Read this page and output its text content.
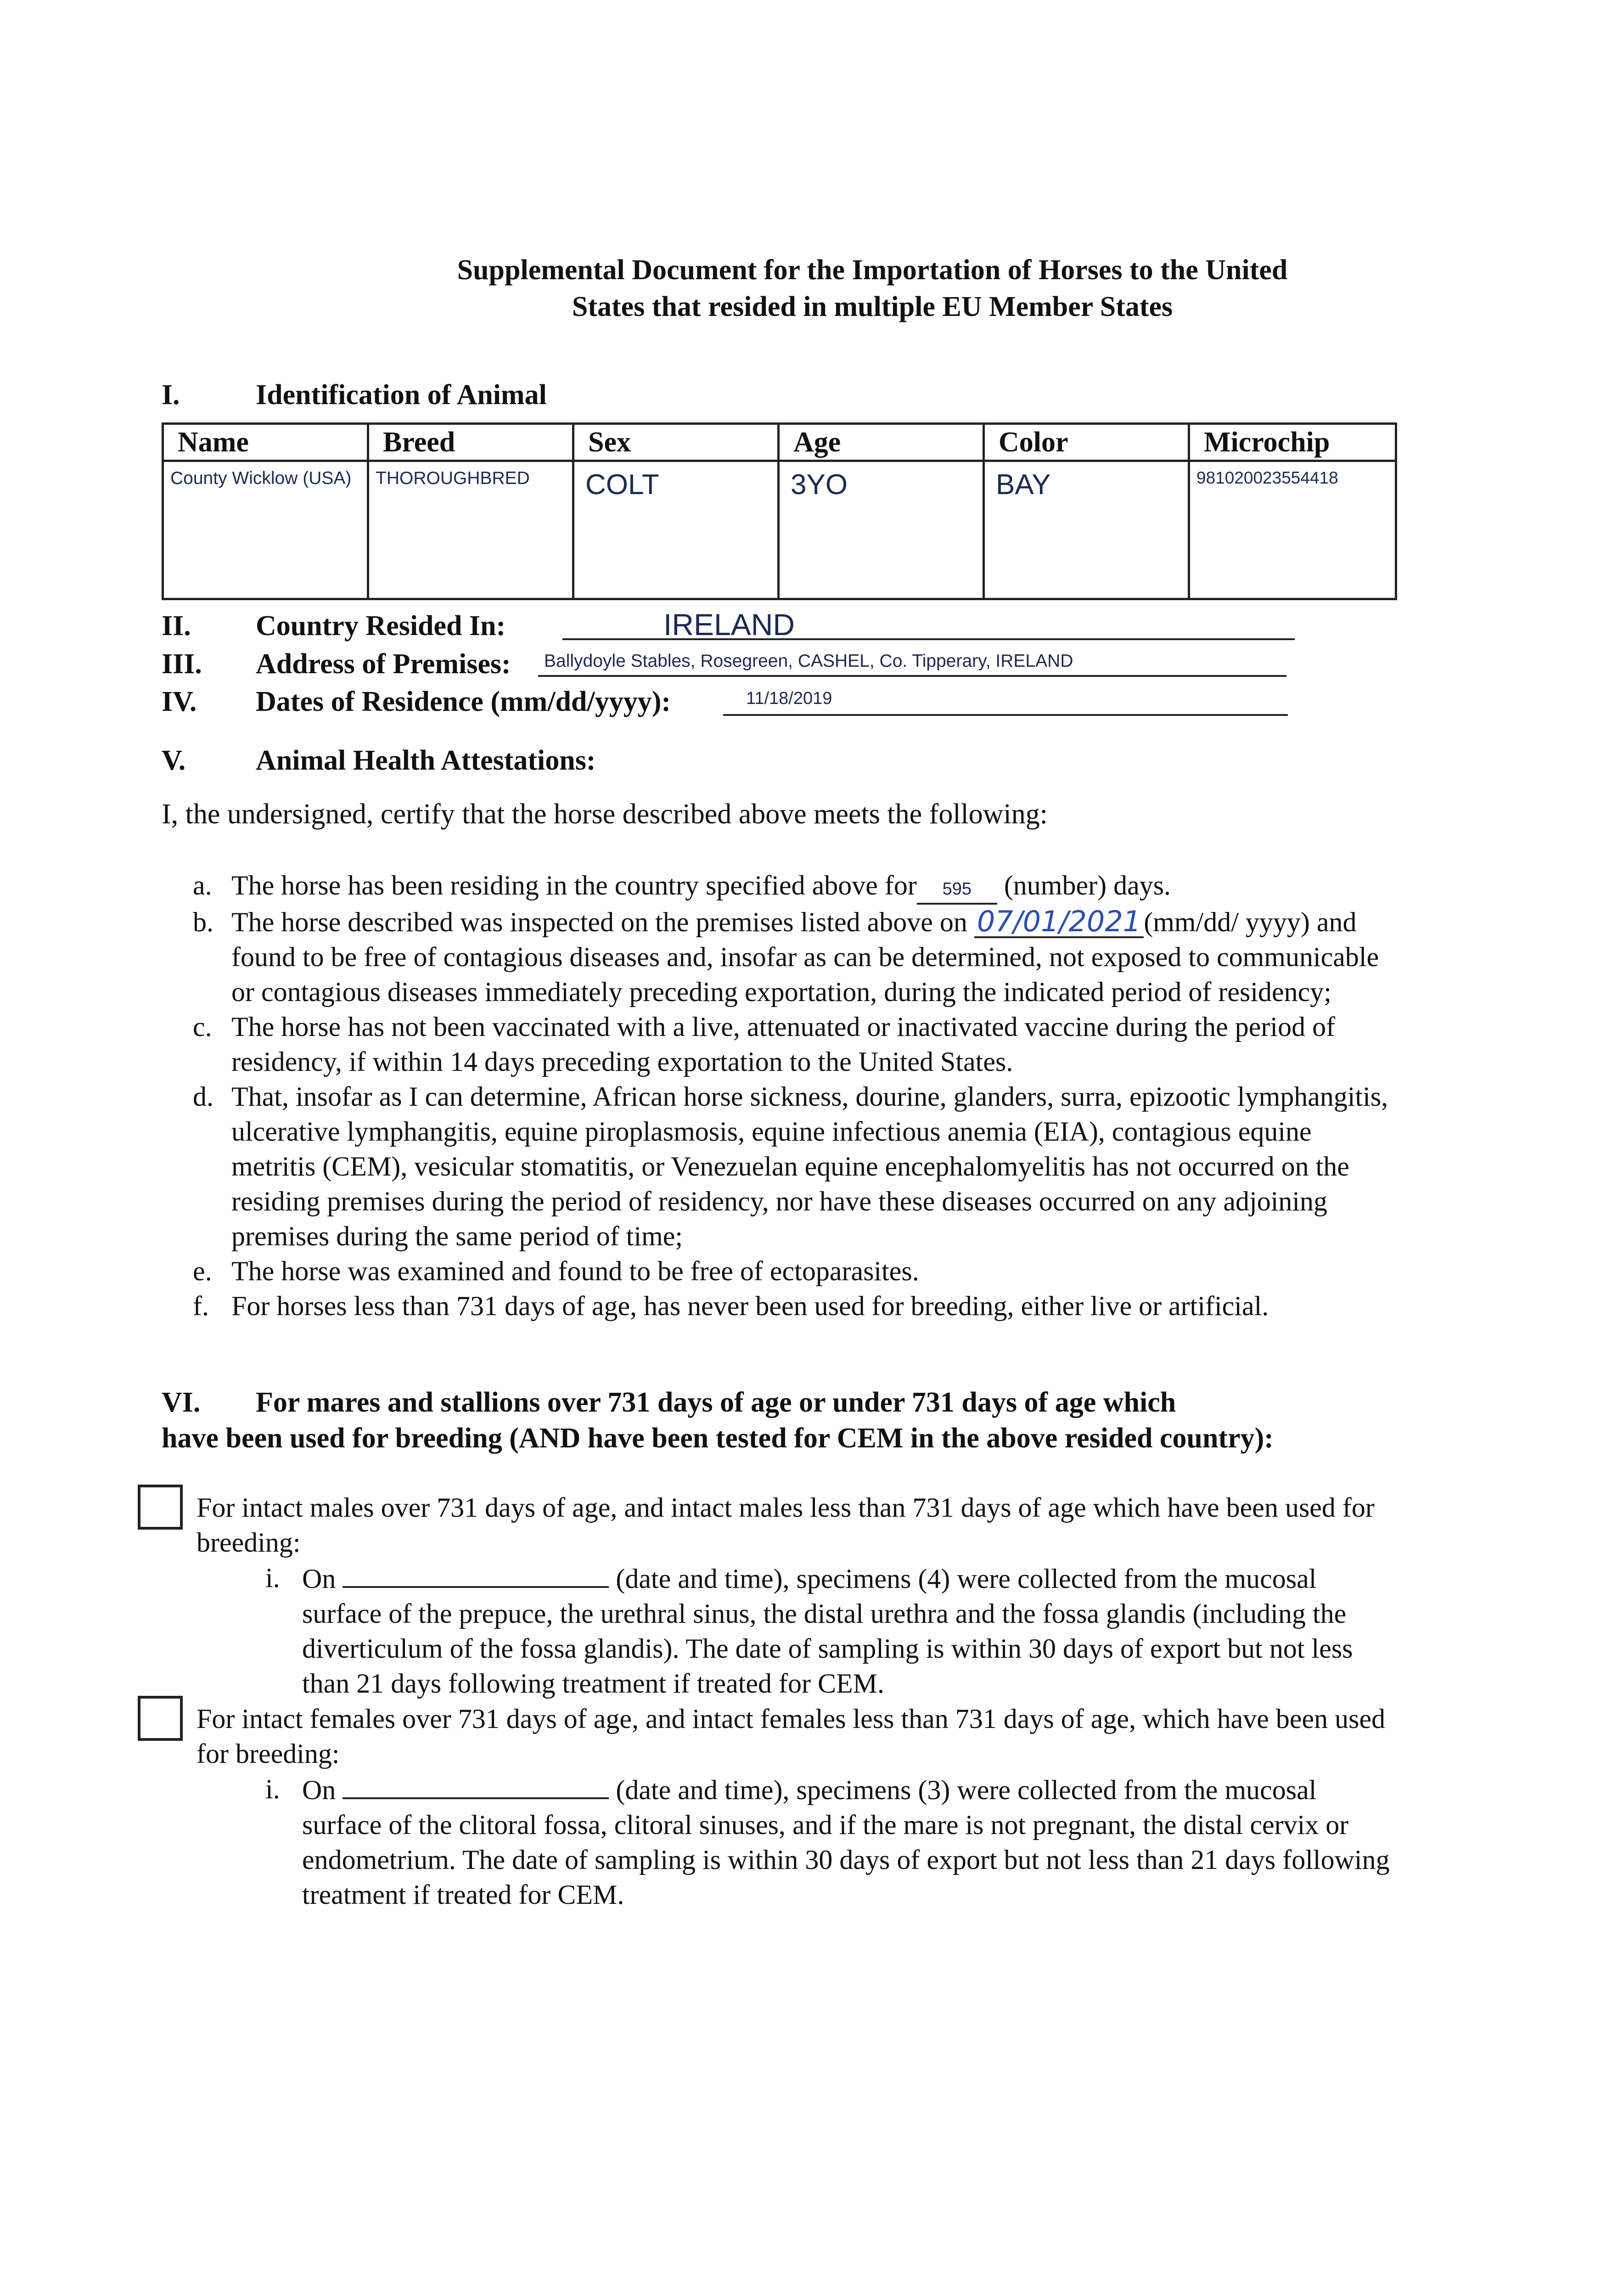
Supplemental Document for the Importation of Horses to the United
States that resided in multiple EU Member States
I.	Identification of Animal
Name	Breed	Sex	Age	Color	Microchip
County Wicklow (USA)	THOROUGHBRED	COLT	3YO	BAY	981020023554418
II. Country Resided In:	IRELAND
III. Address of Premises: Ballydoyle Stables, Rosegreen, CASHEL, Co. Tipperary, IRELAND
IV. Dates of Residence (mm/dd/yyyy):	11/18/2019
V. Animal Health Attestations:
I, the undersigned, certify that the horse described above meets the following:
a. The horse has been residing in the country specified above for 595 (number) days.
b. The horse described was inspected on the premises listed above on 07/01/2021 (mm/dd/ yyyy) and found to be free of contagious diseases and, insofar as can be determined, not exposed to communicable or contagious diseases immediately preceding exportation, during the indicated period of residency;
c. The horse has not been vaccinated with a live, attenuated or inactivated vaccine during the period of residency, if within 14 days preceding exportation to the United States.
d. That, insofar as I can determine, African horse sickness, dourine, glanders, surra, epizootic lymphangitis, ulcerative lymphangitis, equine piroplasmosis, equine infectious anemia (EIA), contagious equine metritis (CEM), vesicular stomatitis, or Venezuelan equine encephalomyelitis has not occurred on the residing premises during the period of residency, nor have these diseases occurred on any adjoining premises during the same period of time;
e. The horse was examined and found to be free of ectoparasites.
f. For horses less than 731 days of age, has never been used for breeding, either live or artificial.
VI. For mares and stallions over 731 days of age or under 731 days of age which
have been used for breeding (AND have been tested for CEM in the above resided country):
For intact males over 731 days of age, and intact males less than 731 days of age which have been used for breeding:
i. On	(date and time), specimens (4) were collected from the mucosal surface of the prepuce, the urethral sinus, the distal urethra and the fossa glandis (including the diverticulum of the fossa glandis). The date of sampling is within 30 days of export but not less than 21 days following treatment if treated for CEM.
For intact females over 731 days of age, and intact females less than 731 days of age, which have been used for breeding:
i. On	(date and time), specimens (3) were collected from the mucosal surface of the clitoral fossa, clitoral sinuses, and if the mare is not pregnant, the distal cervix or endometrium. The date of sampling is within 30 days of export but not less than 21 days following treatment if treated for CEM.
